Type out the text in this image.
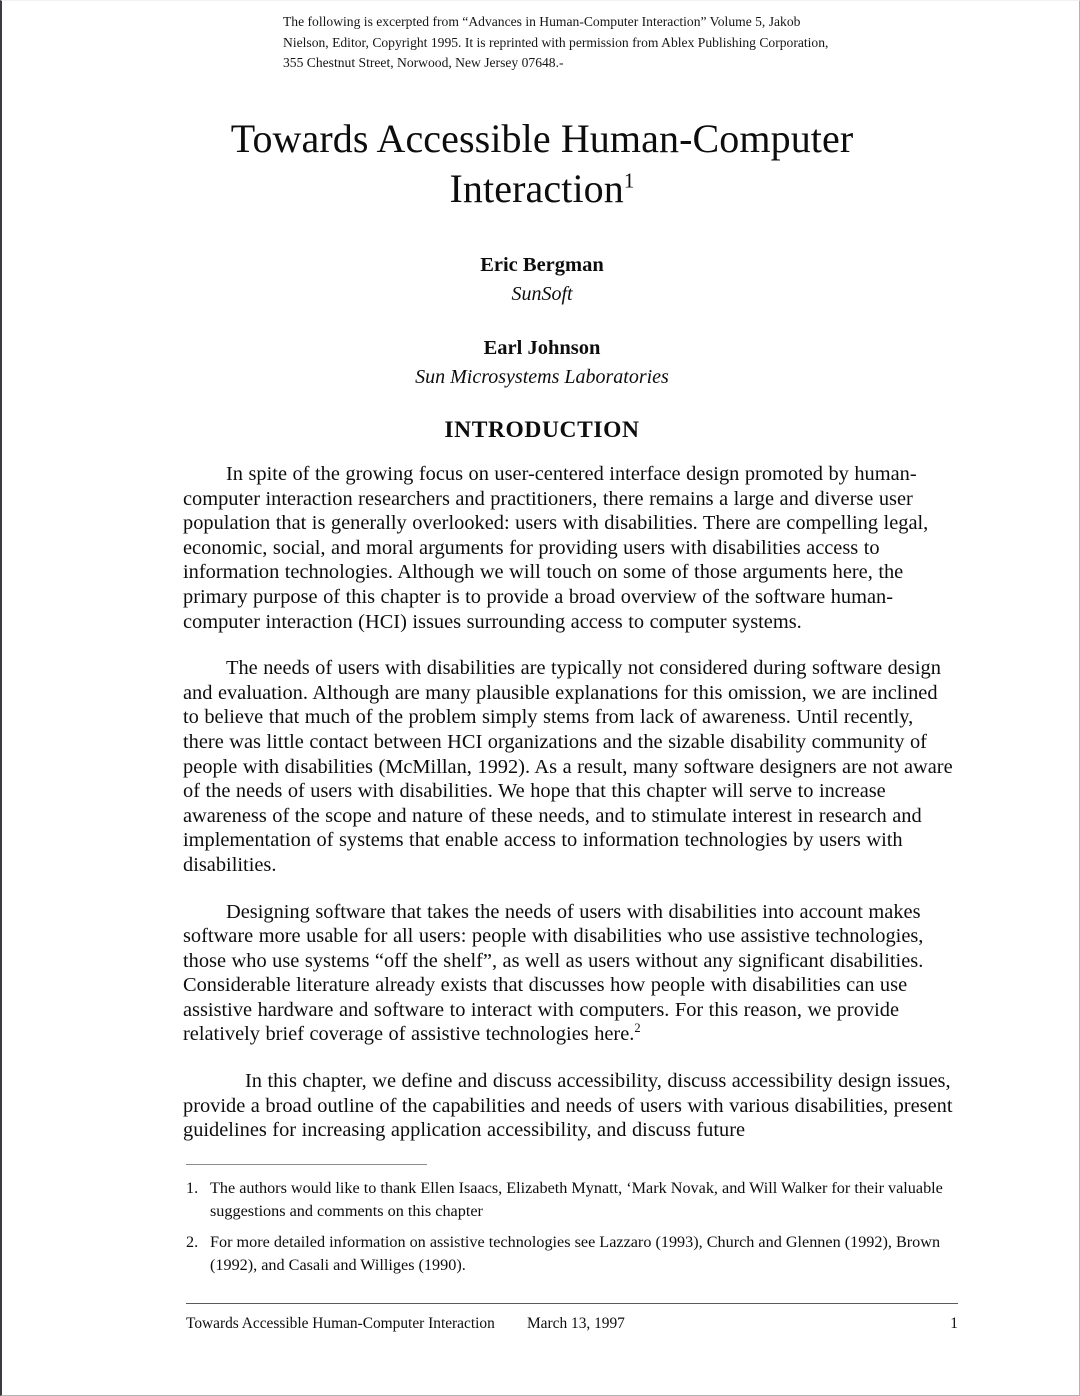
The following is excerpted from “Advances in Human-Computer Interaction” Volume 5, Jakob Nielson, Editor, Copyright 1995. It is reprinted with permission from Ablex Publishing Corporation, 355 Chestnut Street, Norwood, New Jersey 07648.-
Towards Accessible Human-Computer Interaction$^1$
Eric Bergman
SunSoft
Earl Johnson
Sun Microsystems Laboratories
INTRODUCTION

In spite of the growing focus on user-centered interface design promoted by human-computer interaction researchers and practitioners, there remains a large and diverse user population that is generally overlooked: users with disabilities. There are compelling legal, economic, social, and moral arguments for providing users with disabilities access to information technologies. Although we will touch on some of those arguments here, the primary purpose of this chapter is to provide a broad overview of the software human-computer interaction (HCI) issues surrounding access to computer systems.

The needs of users with disabilities are typically not considered during software design and evaluation. Although are many plausible explanations for this omission, we are inclined to believe that much of the problem simply stems from lack of awareness. Until recently, there was little contact between HCI organizations and the sizable disability community of people with disabilities (McMillan, 1992). As a result, many software designers are not aware of the needs of users with disabilities. We hope that this chapter will serve to increase awareness of the scope and nature of these needs, and to stimulate interest in research and implementation of systems that enable access to information technologies by users with disabilities.

Designing software that takes the needs of users with disabilities into account makes software more usable for all users: people with disabilities who use assistive technologies, those who use systems “off the shelf”, as well as users without any significant disabilities. Considerable literature already exists that discusses how people with disabilities can use assistive hardware and software to interact with computers. For this reason, we provide relatively brief coverage of assistive technologies here.$^2$

In this chapter, we define and discuss accessibility, discuss accessibility design issues, provide a broad outline of the capabilities and needs of users with various disabilities, present guidelines for increasing application accessibility, and discuss future

1. The authors would like to thank Ellen Isaacs, Elizabeth Mynatt, ‘Mark Novak, and Will Walker for their valuable suggestions and comments on this chapter
2. For more detailed information on assistive technologies see Lazzaro (1993), Church and Glennen (1992), Brown (1992), and Casali and Williges (1990).
Towards Accessible Human-Computer Interaction March 13, 1997	1
